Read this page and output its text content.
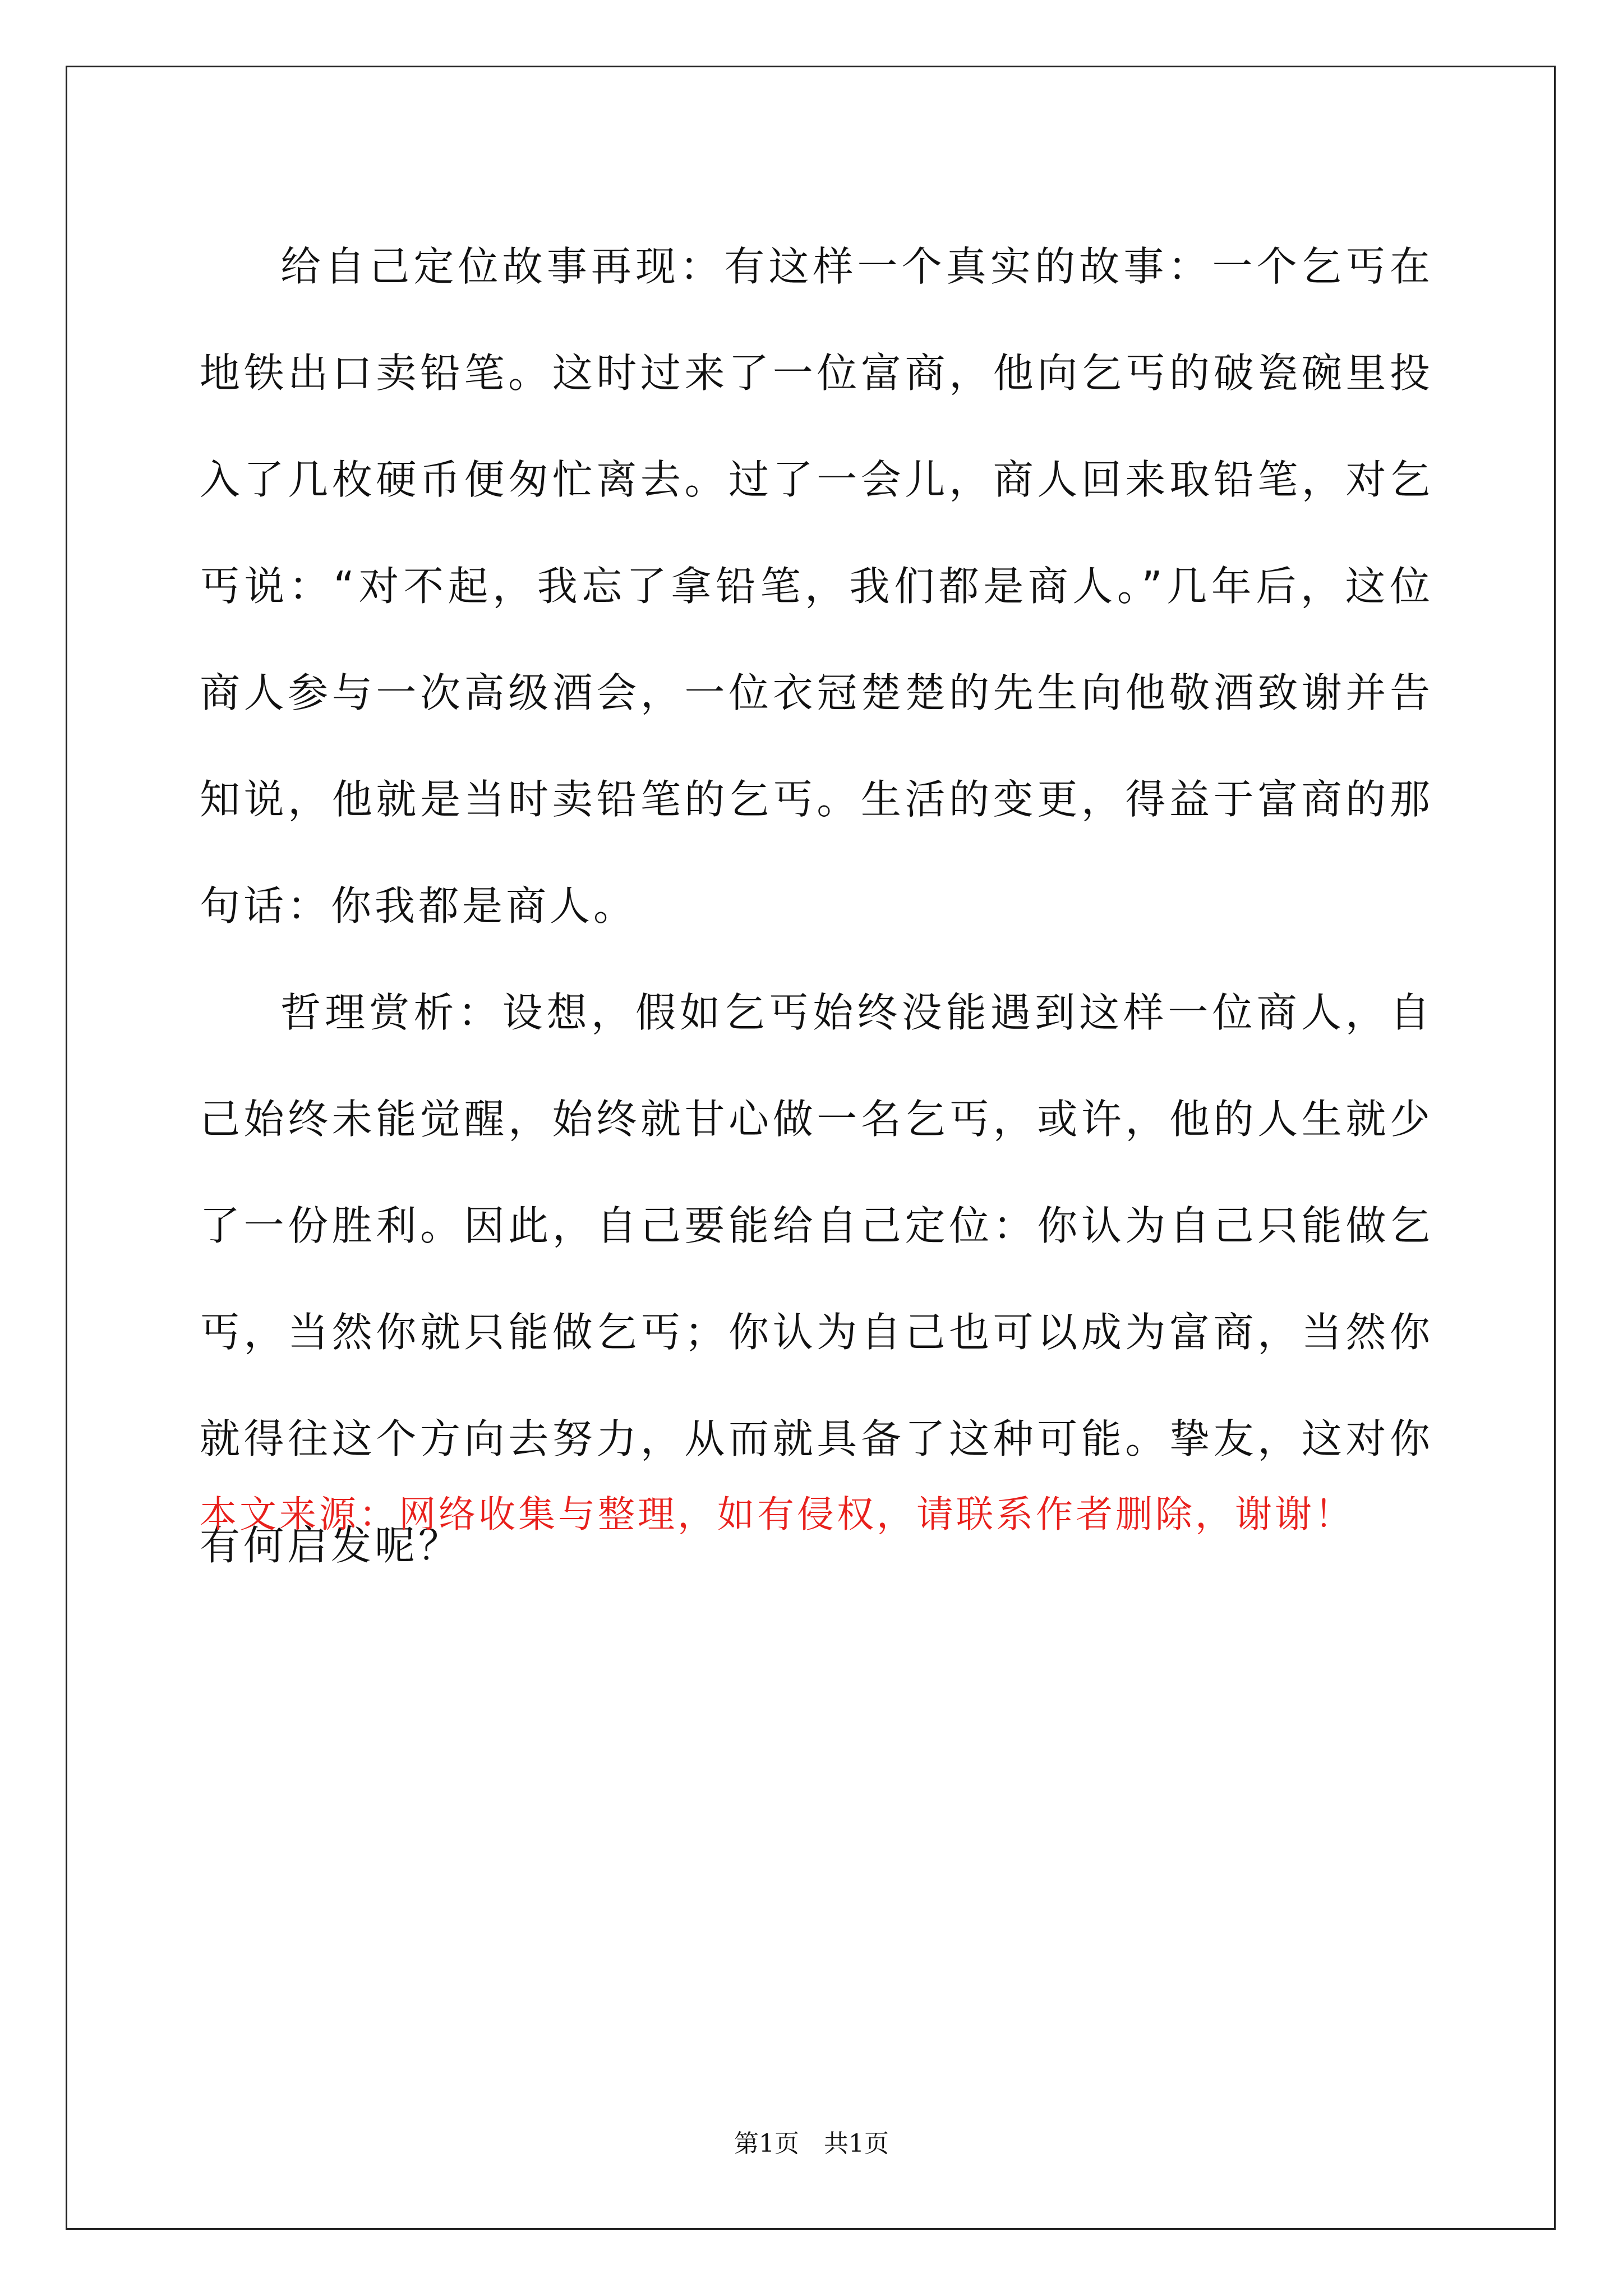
给自己定位故事再现：有这样一个真实的故事：一个乞丐在地铁出口卖铅笔。这时过来了一位富商，他向乞丐的破瓷碗里投入了几枚硬币便匆忙离去。过了一会儿，商人回来取铅笔，对乞丐说：“对不起，我忘了拿铅笔，我们都是商人。”几年后，这位商人参与一次高级酒会，一位衣冠楚楚的先生向他敬酒致谢并告知说，他就是当时卖铅笔的乞丐。生活的变更，得益于富商的那句话：你我都是商人。

哲理赏析：设想，假如乞丐始终没能遇到这样一位商人，自己始终未能觉醒，始终就甘心做一名乞丐，或许，他的人生就少了一份胜利。因此，自己要能给自己定位：你认为自己只能做乞丐，当然你就只能做乞丐；你认为自己也可以成为富商，当然你就得往这个方向去努力，从而就具备了这种可能。挚友，这对你有何启发呢？

本文来源：网络收集与整理，如有侵权，请联系作者删除，谢谢！
第1页　共1页
